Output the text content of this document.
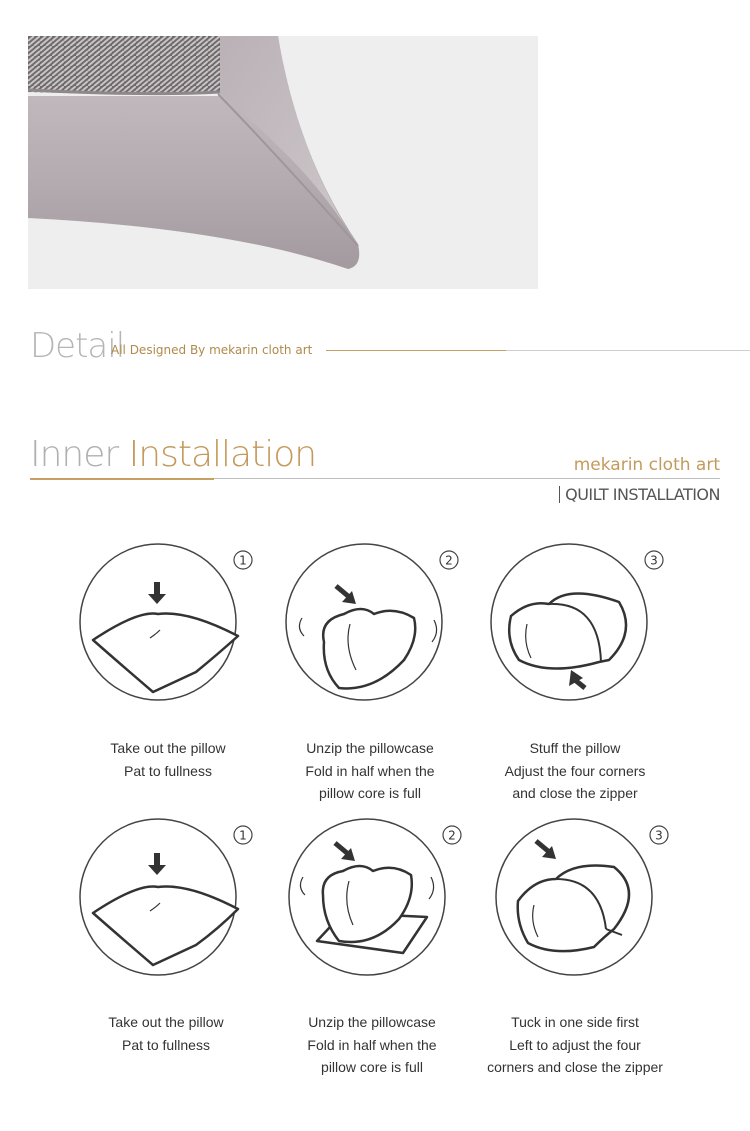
Detail
All Designed By mekarin cloth art
Inner Installation	mekarin cloth art
QUILT INSTALLATION
1
Take out the pillow
Pat to fullness
2
Unzip the pillowcase
Fold in half when the
pillow core is full
3
Stuff the pillow
Adjust the four corners
and close the zipper
1
Take out the pillow
Pat to fullness
2
Unzip the pillowcase
Fold in half when the
pillow core is full
3
Tuck in one side first
Left to adjust the four
corners and close the zipper
